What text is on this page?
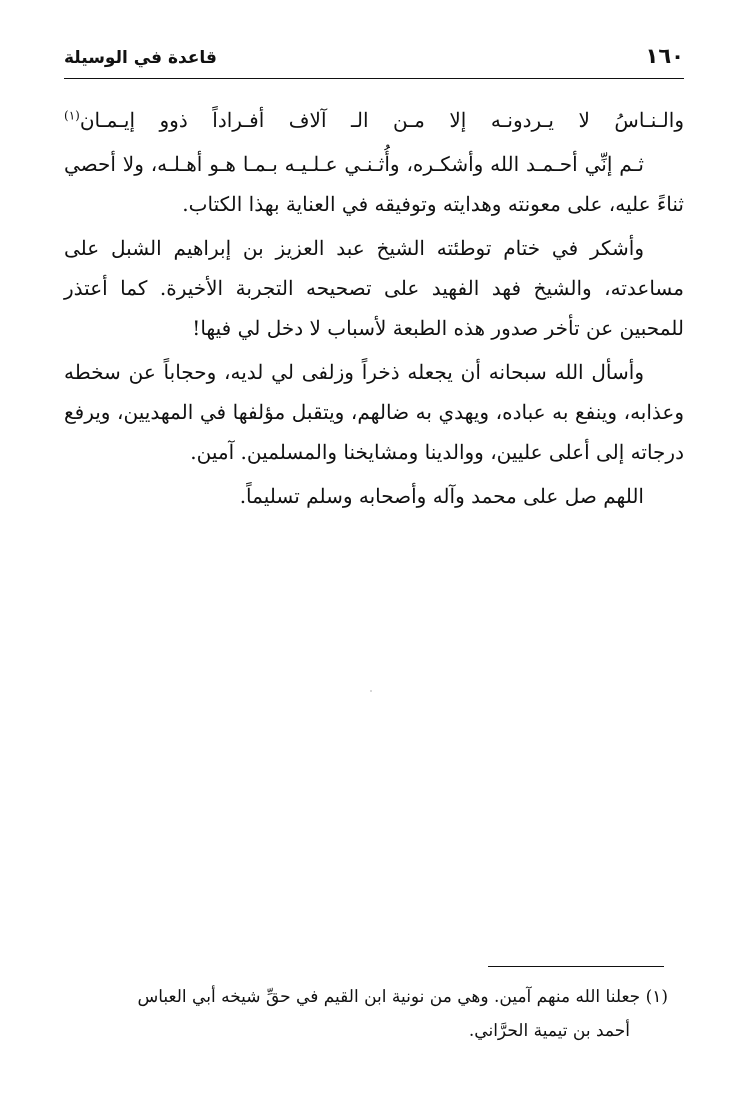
١٦٠
قاعدة في الوسيلة

والـنـاسُ لا يـردونـه إلا مـن الـ آلاف أفـراداً ذوو إيـمـان$^{(١)}$

ثـم إنِّي أحـمـد الله وأشكـره، وأُثـنـي عـلـيـه بـمـا هـو أهـلـه، ولا أحصي ثناءً عليه، على معونته وهدايته وتوفيقه في العناية بهذا الكتاب.

وأشكر في ختام توطئته الشيخ عبد العزيز بن إبراهيم الشبل على مساعدته، والشيخ فهد الفهيد على تصحيحه التجربة الأخيرة. كما أعتذر للمحبين عن تأخر صدور هذه الطبعة لأسباب لا دخل لي فيها!

وأسأل الله سبحانه أن يجعله ذخراً وزلفى لي لديه، وحجاباً عن سخطه وعذابه، وينفع به عباده، ويهدي به ضالهم، ويتقبل مؤلفها في المهديين، ويرفع درجاته إلى أعلى عليين، ووالدينا ومشايخنا والمسلمين. آمين.

اللهم صل على محمد وآله وأصحابه وسلم تسليماً.

(١) جعلنا الله منهم آمين. وهي من نونية ابن القيم في حقِّ شيخه أبي العباس

أحمد بن تيمية الحرَّاني.
